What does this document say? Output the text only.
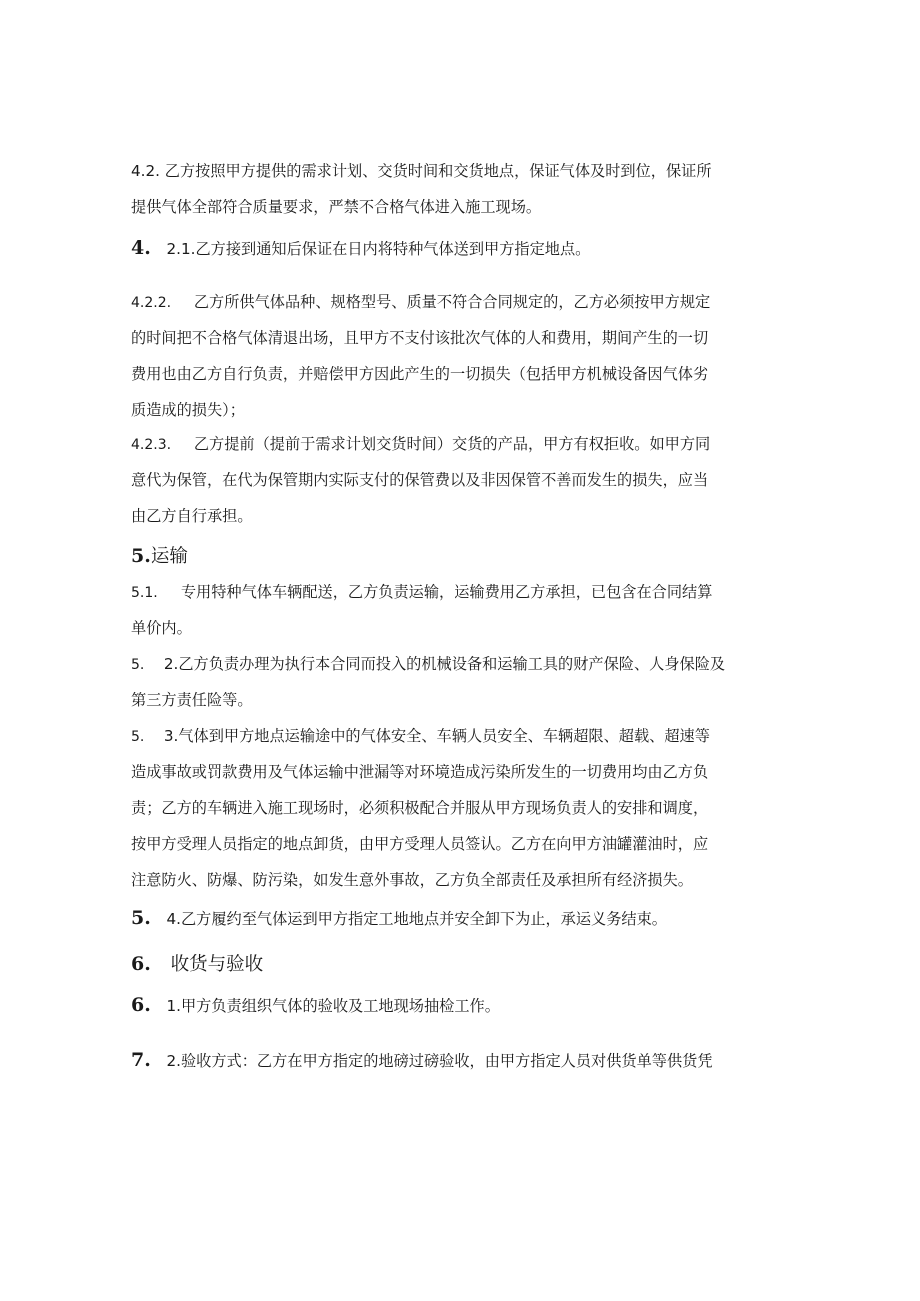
4.2. 乙方按照甲方提供的需求计划、交货时间和交货地点，保证气体及时到位，保证所
提供气体全部符合质量要求，严禁不合格气体进入施工现场。
4. 2.1.乙方接到通知后保证在日内将特种气体送到甲方指定地点。
4.2.2. 乙方所供气体品种、规格型号、质量不符合合同规定的，乙方必须按甲方规定
的时间把不合格气体清退出场，且甲方不支付该批次气体的人和费用，期间产生的一切
费用也由乙方自行负责，并赔偿甲方因此产生的一切损失（包括甲方机械设备因气体劣
质造成的损失）；
4.2.3. 乙方提前（提前于需求计划交货时间）交货的产品，甲方有权拒收。如甲方同
意代为保管，在代为保管期内实际支付的保管费以及非因保管不善而发生的损失，应当
由乙方自行承担。
5.运输
5.1. 专用特种气体车辆配送，乙方负责运输，运输费用乙方承担，已包含在合同结算
单价内。
5. 2.乙方负责办理为执行本合同而投入的机械设备和运输工具的财产保险、人身保险及
第三方责任险等。
5. 3.气体到甲方地点运输途中的气体安全、车辆人员安全、车辆超限、超载、超速等
造成事故或罚款费用及气体运输中泄漏等对环境造成污染所发生的一切费用均由乙方负
责；乙方的车辆进入施工现场时，必须积极配合并服从甲方现场负责人的安排和调度，
按甲方受理人员指定的地点卸货，由甲方受理人员签认。乙方在向甲方油罐灌油时，应
注意防火、防爆、防污染，如发生意外事故，乙方负全部责任及承担所有经济损失。
5. 4.乙方履约至气体运到甲方指定工地地点并安全卸下为止，承运义务结束。
6. 收货与验收
6. 1.甲方负责组织气体的验收及工地现场抽检工作。
7. 2.验收方式：乙方在甲方指定的地磅过磅验收，由甲方指定人员对供货单等供货凭
